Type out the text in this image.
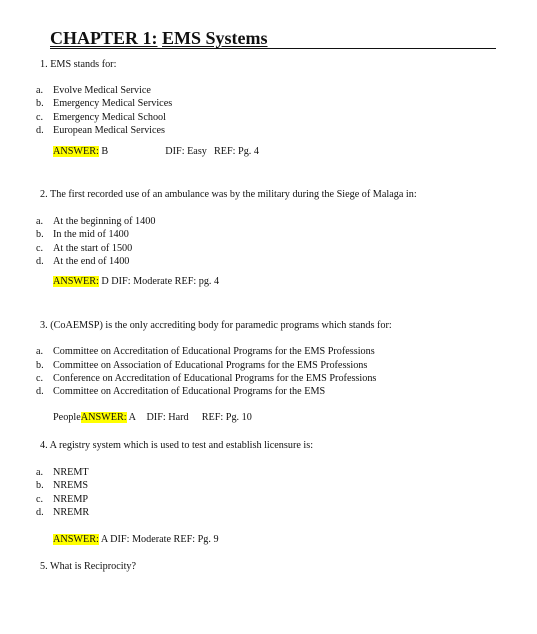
CHAPTER 1: EMS Systems
1. EMS stands for:
a. Evolve Medical Service
b. Emergency Medical Services
c. Emergency Medical School
d. European Medical Services
ANSWER: B	DIF: Easy REF: Pg. 4
2. The first recorded use of an ambulance was by the military during the Siege of Malaga in:
a. At the beginning of 1400
b. In the mid of 1400
c. At the start of 1500
d. At the end of 1400
ANSWER: D DIF: Moderate REF: pg. 4
3. (CoAEMSP) is the only accrediting body for paramedic programs which stands for:
a. Committee on Accreditation of Educational Programs for the EMS Professions
b. Committee on Association of Educational Programs for the EMS Professions
c. Conference on Accreditation of Educational Programs for the EMS Professions
d. Committee on Accreditation of Educational Programs for the EMS
PeopleANSWER: A DIF: Hard REF: Pg. 10
4. A registry system which is used to test and establish licensure is:
a. NREMT
b. NREMS
c. NREMP
d. NREMR
ANSWER: A DIF: Moderate REF: Pg. 9
5. What is Reciprocity?
